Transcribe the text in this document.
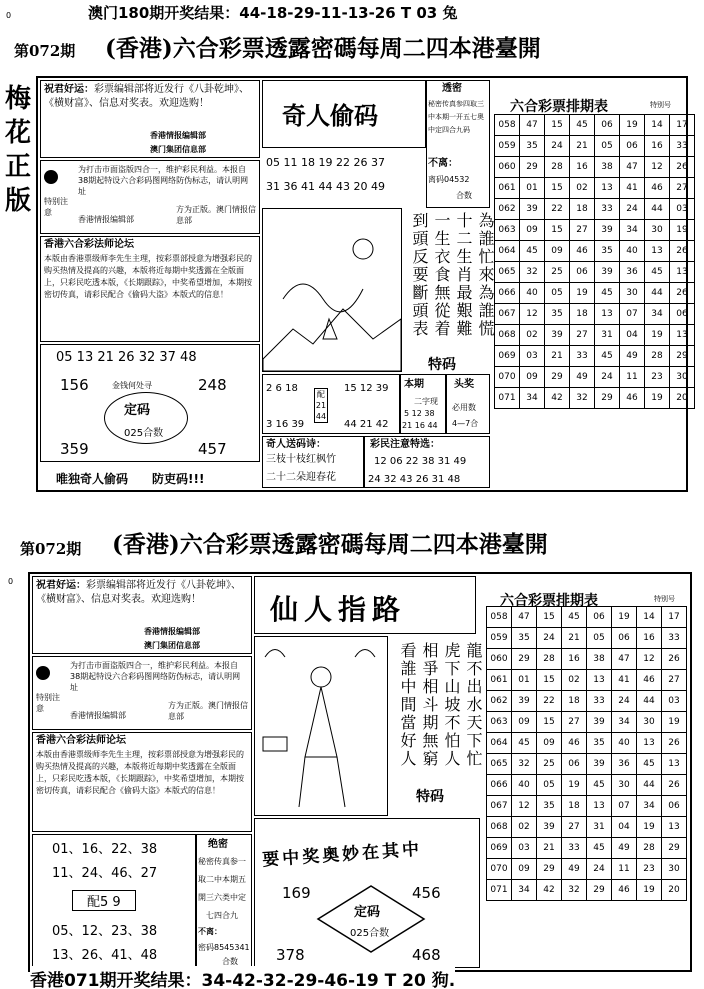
澳门180期开奖结果：44-18-29-11-13-26 T 03 兔
0
第072期 (香港)六合彩票透露密碼每周二四本港臺開
梅
花
正
版
祝君好运：彩票编辑部将近发行《八卦乾坤》、《横财富》、信息对奖表。欢迎选购！
香港情报编辑部
澳门集团信息部
特别注意
为打击市面盗版四合一，维护彩民利益。本报自38期起特设六合彩码图网络防伪标志，请认明网址
香港情报编辑部
方为正版。澳门情报信息部
香港六合彩法师论坛
本版由香港票级师李先生主理，按彩票部授意为增强彩民的购买热情及提高的兴趣，本版将近每期中奖透露在全版面上，只彩民吃透本版，《长期跟踪》，中奖希望增加，本期按密切传真，请彩民配合《偷码大盗》本版式的信息！
05 13 21 26 32 37 48
156	248
金钱何处寻
定码
025合数
359	457
唯独奇人偷码　　防吏码!!!
奇人偷码
05 11 18 19 22 26 37
31 36 41 44 43 20 49
為誰忙來為誰慌
十二生肖最艱難
一生衣食無從着
到頭反要斷頭表
特码
2 6 18
3 16 39
配21 44
15 12 39
44 21 42
本期
二字现
5 12 38
21 16 44
头奖
必用数
4—7合
奇人送码诗：
三枝十枝红枫竹
二十二朵迎春花
彩民注意特选：
12 06 22 38 31 49
24 32 43 26 31 48
透密
秘密传真参四取三中本期一开五七奥中定四合九码
不离：
离码04532
合数
六合彩票排期表	特别号
058	47	15	45	06	19	14	17
059	35	24	21	05	06	16	33
060	29	28	16	38	47	12	26
061	01	15	02	13	41	46	27
062	39	22	18	33	24	44	03
063	09	15	27	39	34	30	19
064	45	09	46	35	40	13	26
065	32	25	06	39	36	45	13
066	40	05	19	45	30	44	26
067	12	35	18	13	07	34	06
068	02	39	27	31	04	19	13
069	03	21	33	45	49	28	29
070	09	29	49	24	11	23	30
071	34	42	32	29	46	19	20
0
第072期 (香港)六合彩票透露密碼每周二四本港臺開
祝君好运：彩票编辑部将近发行《八卦乾坤》、《横财富》、信息对奖表。欢迎选购！
香港情报编辑部
澳门集团信息部
特别注意
为打击市面盗版四合一，维护彩民利益。本报自38期起特设六合彩码图网络防伪标志，请认明网址
香港情报编辑部
方为正版。澳门情报信息部
香港六合彩法师论坛
本版由香港票级师李先生主理，按彩票部授意为增强彩民的购买热情及提高的兴趣，本版将近每期中奖透露在全版面上，只彩民吃透本版，《长期跟踪》，中奖希望增加，本期按密切传真，请彩民配合《偷码大盗》本版式的信息！
01、16、22、38
11、24、46、27
配5 9
05、12、23、38
13、26、41、48
绝密
秘密传真参一
取二中本期五
開三六类中定
七四合九
不离：
密码8545341
合数
仙人指路
龍不出水天下忙
虎下山坡不怕人
相爭相斗期無窮
看誰中間當好人
特码
要中奖奥妙在其中
169	456
定码
025合数
378	468
六合彩票排期表	特别号
058	47	15	45	06	19	14	17
059	35	24	21	05	06	16	33
060	29	28	16	38	47	12	26
061	01	15	02	13	41	46	27
062	39	22	18	33	24	44	03
063	09	15	27	39	34	30	19
064	45	09	46	35	40	13	26
065	32	25	06	39	36	45	13
066	40	05	19	45	30	44	26
067	12	35	18	13	07	34	06
068	02	39	27	31	04	19	13
069	03	21	33	45	49	28	29
070	09	29	49	24	11	23	30
071	34	42	32	29	46	19	20
香港071期开奖结果：34-42-32-29-46-19 T 20 狗.
